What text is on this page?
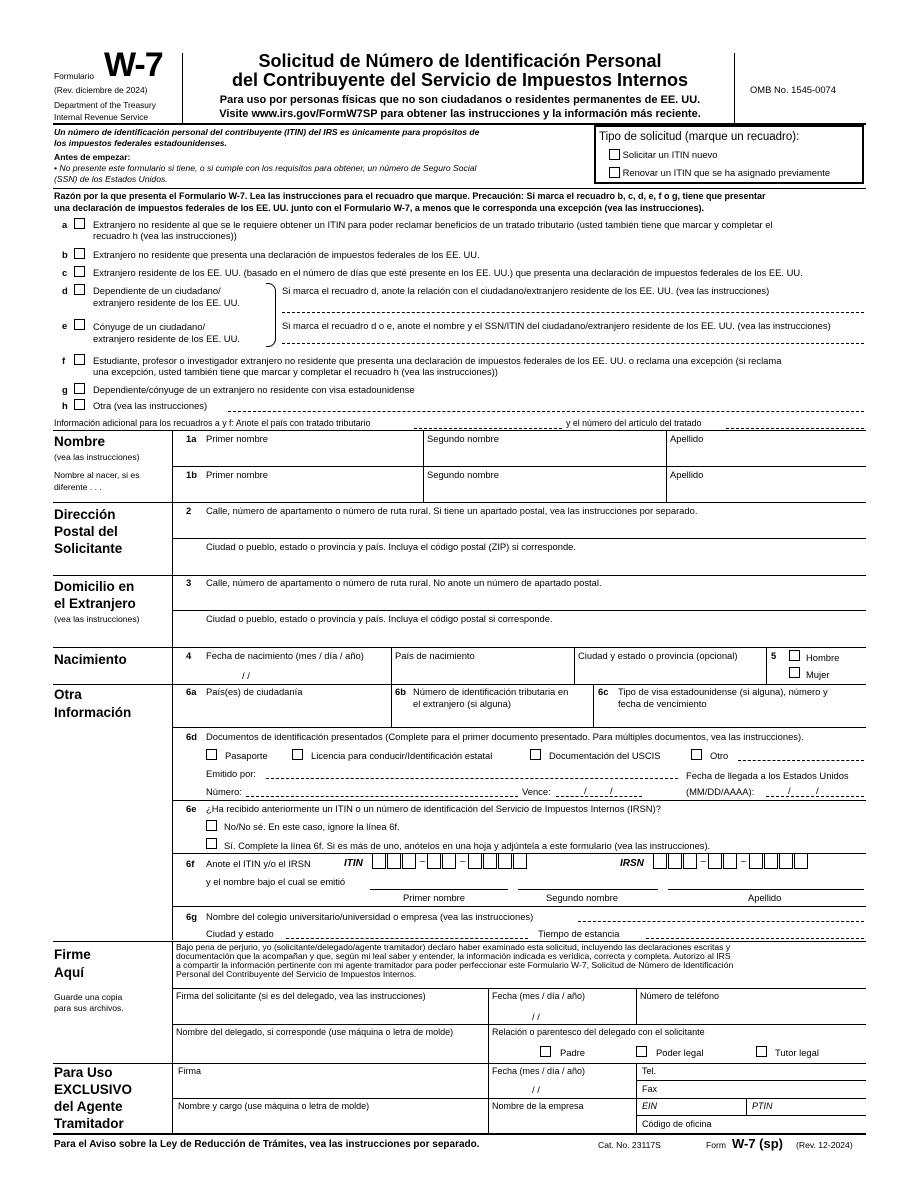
Formulario W-7
(Rev. diciembre de 2024)
Department of the Treasury
Internal Revenue Service
Solicitud de Número de Identificación Personal
del Contribuyente del Servicio de Impuestos Internos
Para uso por personas físicas que no son ciudadanos o residentes permanentes de EE. UU.
Visite www.irs.gov/FormW7SP para obtener las instrucciones y la información más reciente.
OMB No. 1545-0074
Un número de identificación personal del contribuyente (ITIN) del IRS es únicamente para propósitos de
los impuestos federales estadounidenses.
Antes de empezar:
• No presente este formulario si tiene, o si cumple con los requisitos para obtener, un número de Seguro Social
(SSN) de los Estados Unidos.
Tipo de solicitud (marque un recuadro):
Solicitar un ITIN nuevo
Renovar un ITIN que se ha asignado previamente
Razón por la que presenta el Formulario W-7. Lea las instrucciones para el recuadro que marque. Precaución: Si marca el recuadro b, c, d, e, f o g, tiene que presentar
una declaración de impuestos federales de los EE. UU. junto con el Formulario W-7, a menos que le corresponda una excepción (vea las instrucciones).
a	Extranjero no residente al que se le requiere obtener un ITIN para poder reclamar beneficios de un tratado tributario (usted también tiene que marcar y completar el
recuadro h (vea las instrucciones))
b	Extranjero no residente que presenta una declaración de impuestos federales de los EE. UU.
c	Extranjero residente de los EE. UU. (basado en el número de días que esté presente en los EE. UU.) que presenta una declaración de impuestos federales de los EE. UU.
d	Dependiente de un ciudadano/
extranjero residente de los EE. UU.
Si marca el recuadro d, anote la relación con el ciudadano/extranjero residente de los EE. UU. (vea las instrucciones)
e	Cónyuge de un ciudadano/
extranjero residente de los EE. UU.
Si marca el recuadro d o e, anote el nombre y el SSN/ITIN del ciudadano/extranjero residente de los EE. UU. (vea las instrucciones)
f	Estudiante, profesor o investigador extranjero no residente que presenta una declaración de impuestos federales de los EE. UU. o reclama una excepción (si reclama
una excepción, usted también tiene que marcar y completar el recuadro h (vea las instrucciones))
g	Dependiente/cónyuge de un extranjero no residente con visa estadounidense
h	Otra (vea las instrucciones)
Información adicional para los recuadros a y f: Anote el país con tratado tributario	y el número del artículo del tratado
Nombre
(vea las instrucciones)
1a Primer nombre	Segundo nombre	Apellido
Nombre al nacer, si es
diferente . . .
1b Primer nombre	Segundo nombre	Apellido
Dirección
Postal del
Solicitante
2 Calle, número de apartamento o número de ruta rural. Si tiene un apartado postal, vea las instrucciones por separado.
Ciudad o pueblo, estado o provincia y país. Incluya el código postal (ZIP) si corresponde.
Domicilio en
el Extranjero
(vea las instrucciones)
3 Calle, número de apartamento o número de ruta rural. No anote un número de apartado postal.
Ciudad o pueblo, estado o provincia y país. Incluya el código postal si corresponde.
Nacimiento	4 Fecha de nacimiento (mes / día / año)
/ /
País de nacimiento	Ciudad y estado o provincia (opcional)	5	Hombre
Mujer
Otra
Información
6a País(es) de ciudadanía	6b Número de identificación tributaria en
el extranjero (si alguna)
6c Tipo de visa estadounidense (si alguna), número y
fecha de vencimiento
6d Documentos de identificación presentados (Complete para el primer documento presentado. Para múltiples documentos, vea las instrucciones).
Pasaporte	Licencia para conducir/Identificación estatal	Documentación del USCIS	Otro
Emitido por:	Fecha de llegada a los Estados Unidos
Número:	Vence:	/ /	(MM/DD/AAAA):	/	/
6e ¿Ha recibido anteriormente un ITIN o un número de identificación del Servicio de Impuestos Internos (IRSN)?
No/No sé. En este caso, ignore la línea 6f.
Sí. Complete la línea 6f. Si es más de uno, anótelos en una hoja y adjúntela a este formulario (vea las instrucciones).
6f Anote el ITIN y/o el IRSN	ITIN	–	–	IRSN	–	–
y el nombre bajo el cual se emitió
Primer nombre	Segundo nombre	Apellido
6g Nombre del colegio universitario/universidad o empresa (vea las instrucciones)
Ciudad y estado	Tiempo de estancia
Firme
Aquí
Guarde una copia
para sus archivos.
Bajo pena de perjurio, yo (solicitante/delegado/agente tramitador) declaro haber examinado esta solicitud, incluyendo las declaraciones escritas y
documentación que la acompañan y que, según mi leal saber y entender, la información indicada es verídica, correcta y completa. Autorizo al IRS
a compartir la información pertinente con mi agente tramitador para poder perfeccionar este Formulario W-7, Solicitud de Número de Identificación
Personal del Contribuyente del Servicio de Impuestos Internos.
Firma del solicitante (si es del delegado, vea las instrucciones)	Fecha (mes / día / año)
/ /
Número de teléfono
Nombre del delegado, si corresponde (use máquina o letra de molde)	Relación o parentesco del delegado con el solicitante
Padre	Poder legal	Tutor legal
Para Uso
EXCLUSIVO
del Agente
Tramitador
Firma	Fecha (mes / día / año)
/ /
Tel.
Fax
Nombre y cargo (use máquina o letra de molde)	Nombre de la empresa	EIN	PTIN
Código de oficina
Para el Aviso sobre la Ley de Reducción de Trámites, vea las instrucciones por separado.	Cat. No. 23117S	Form W-7 (sp) (Rev. 12-2024)
